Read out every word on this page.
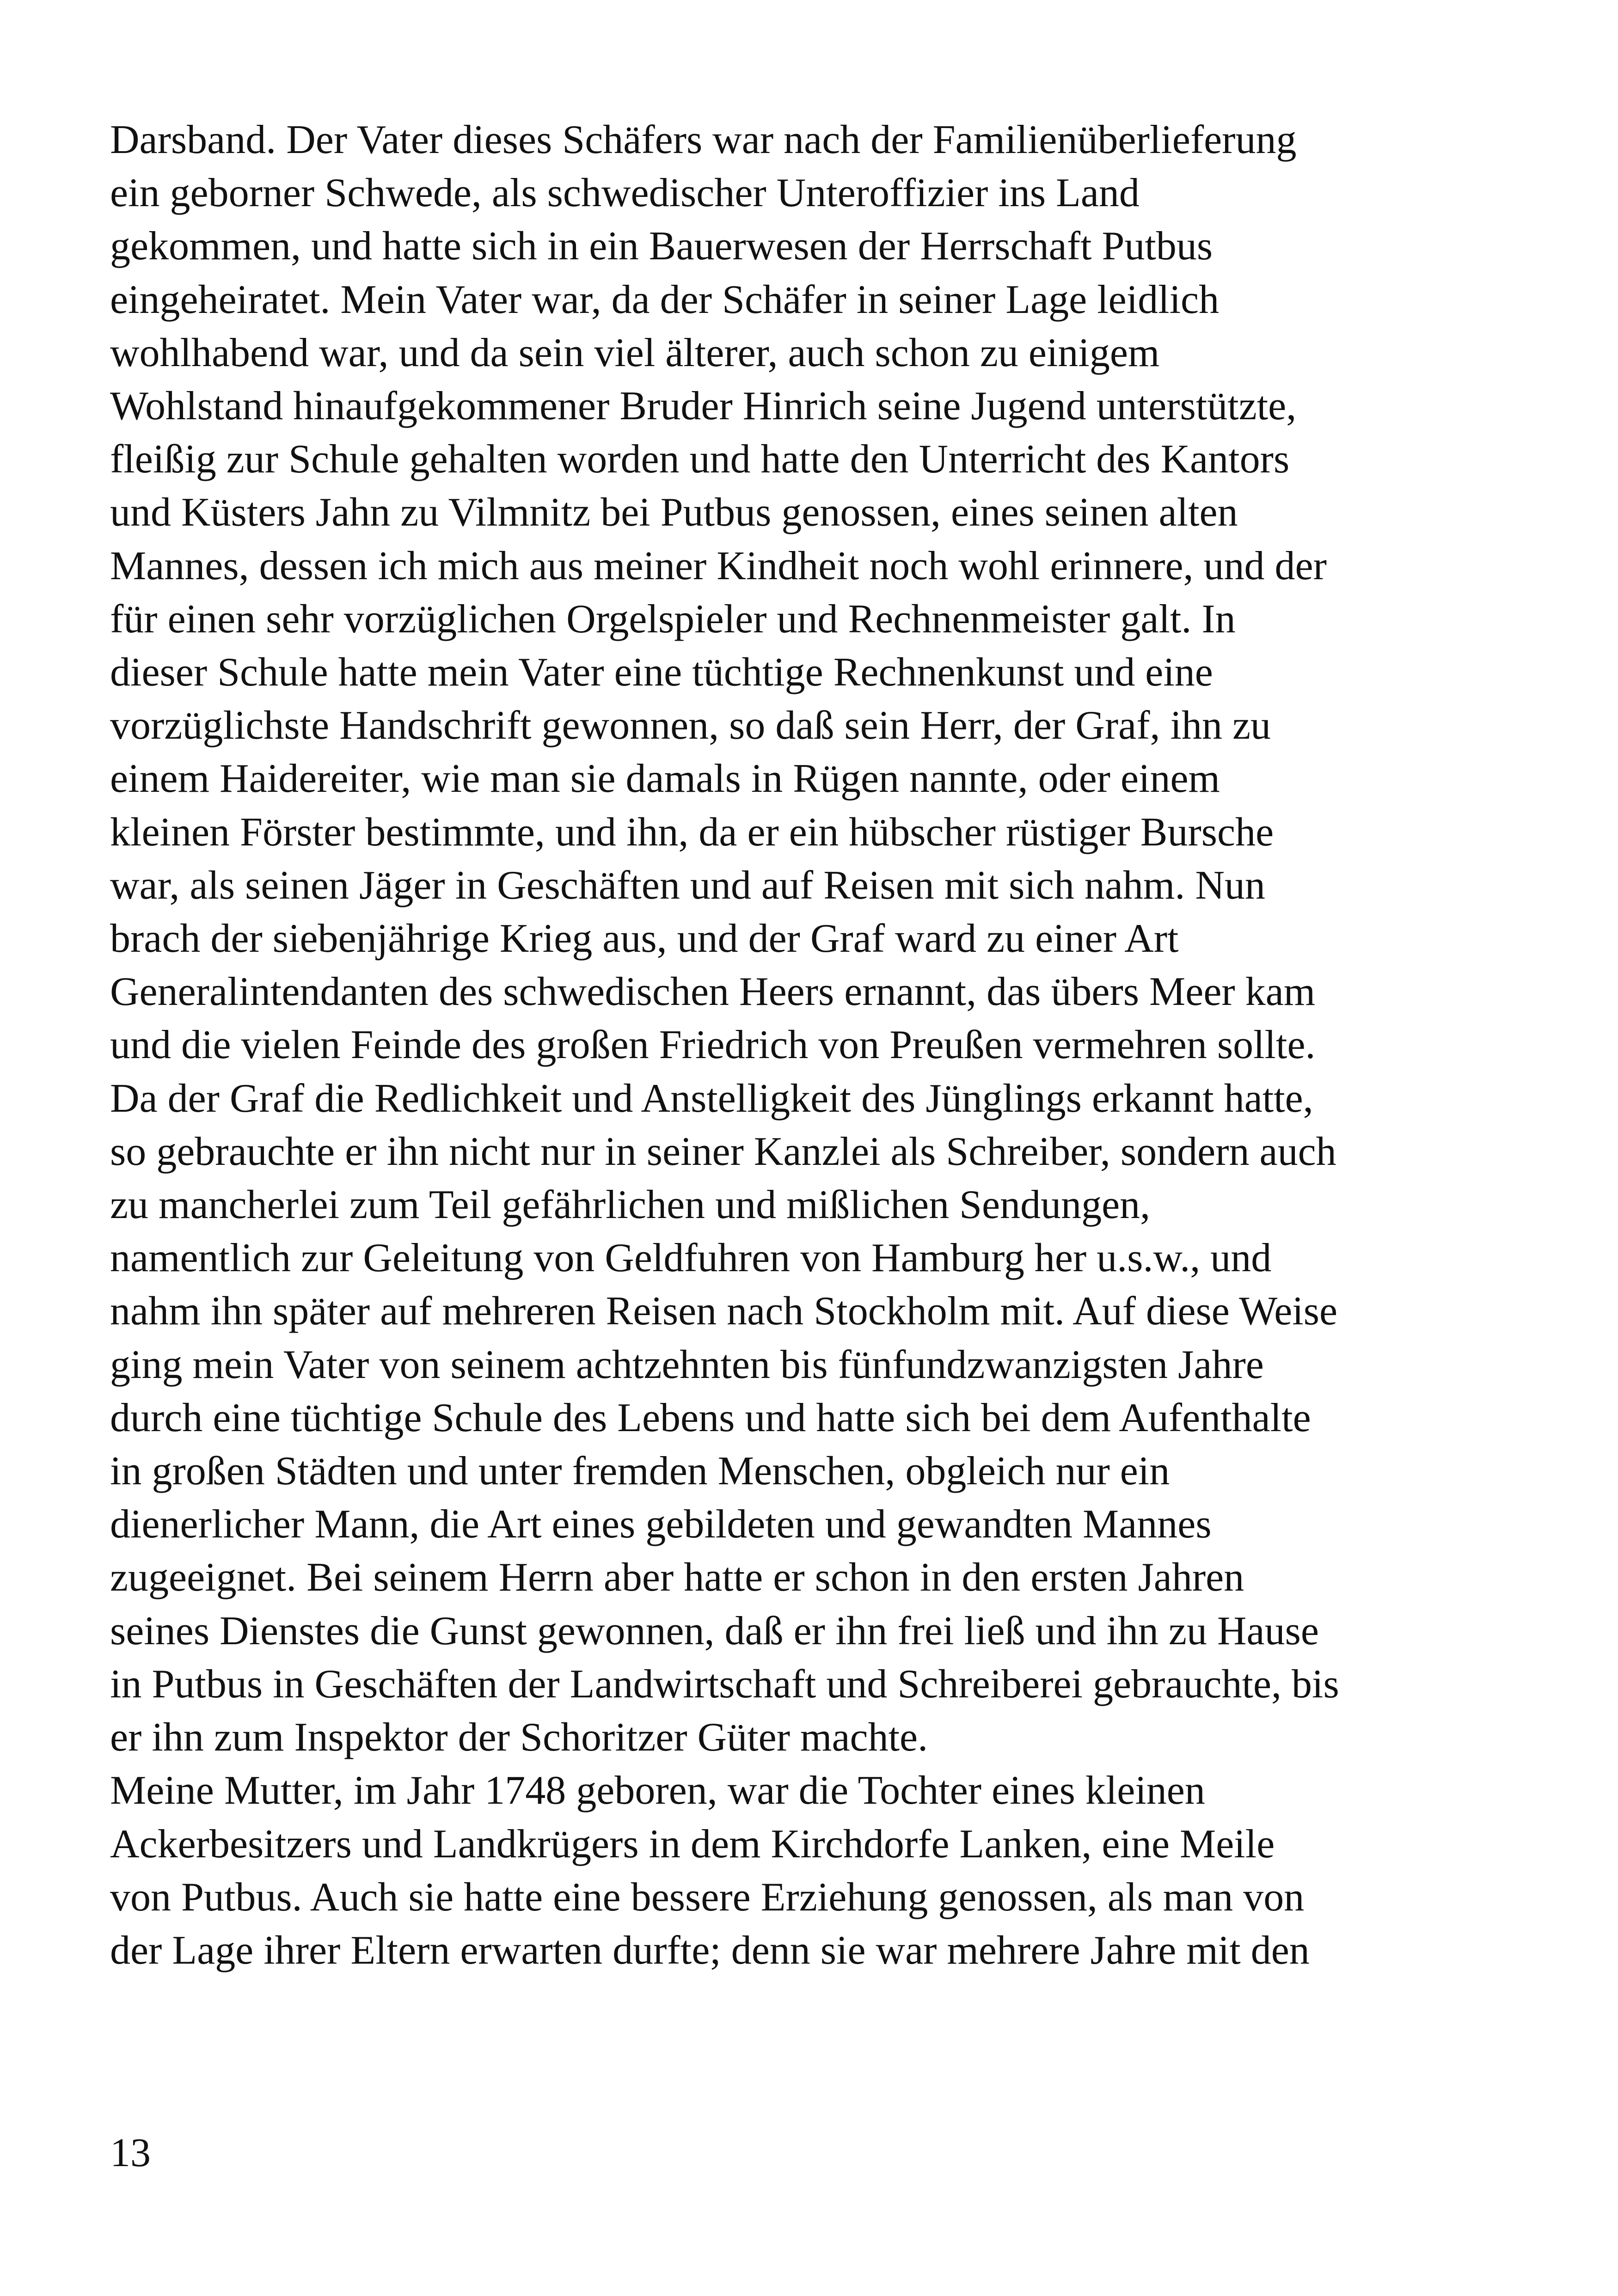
Darsband. Der Vater dieses Schäfers war nach der Familienüberlieferung
ein geborner Schwede, als schwedischer Unteroffizier ins Land
gekommen, und hatte sich in ein Bauerwesen der Herrschaft Putbus
eingeheiratet. Mein Vater war, da der Schäfer in seiner Lage leidlich
wohlhabend war, und da sein viel älterer, auch schon zu einigem
Wohlstand hinaufgekommener Bruder Hinrich seine Jugend unterstützte,
fleißig zur Schule gehalten worden und hatte den Unterricht des Kantors
und Küsters Jahn zu Vilmnitz bei Putbus genossen, eines seinen alten
Mannes, dessen ich mich aus meiner Kindheit noch wohl erinnere, und der
für einen sehr vorzüglichen Orgelspieler und Rechnenmeister galt. In
dieser Schule hatte mein Vater eine tüchtige Rechnenkunst und eine
vorzüglichste Handschrift gewonnen, so daß sein Herr, der Graf, ihn zu
einem Haidereiter, wie man sie damals in Rügen nannte, oder einem
kleinen Förster bestimmte, und ihn, da er ein hübscher rüstiger Bursche
war, als seinen Jäger in Geschäften und auf Reisen mit sich nahm. Nun
brach der siebenjährige Krieg aus, und der Graf ward zu einer Art
Generalintendanten des schwedischen Heers ernannt, das übers Meer kam
und die vielen Feinde des großen Friedrich von Preußen vermehren sollte.
Da der Graf die Redlichkeit und Anstelligkeit des Jünglings erkannt hatte,
so gebrauchte er ihn nicht nur in seiner Kanzlei als Schreiber, sondern auch
zu mancherlei zum Teil gefährlichen und mißlichen Sendungen,
namentlich zur Geleitung von Geldfuhren von Hamburg her u.s.w., und
nahm ihn später auf mehreren Reisen nach Stockholm mit. Auf diese Weise
ging mein Vater von seinem achtzehnten bis fünfundzwanzigsten Jahre
durch eine tüchtige Schule des Lebens und hatte sich bei dem Aufenthalte
in großen Städten und unter fremden Menschen, obgleich nur ein
dienerlicher Mann, die Art eines gebildeten und gewandten Mannes
zugeeignet. Bei seinem Herrn aber hatte er schon in den ersten Jahren
seines Dienstes die Gunst gewonnen, daß er ihn frei ließ und ihn zu Hause
in Putbus in Geschäften der Landwirtschaft und Schreiberei gebrauchte, bis
er ihn zum Inspektor der Schoritzer Güter machte.
Meine Mutter, im Jahr 1748 geboren, war die Tochter eines kleinen
Ackerbesitzers und Landkrügers in dem Kirchdorfe Lanken, eine Meile
von Putbus. Auch sie hatte eine bessere Erziehung genossen, als man von
der Lage ihrer Eltern erwarten durfte; denn sie war mehrere Jahre mit den
13
